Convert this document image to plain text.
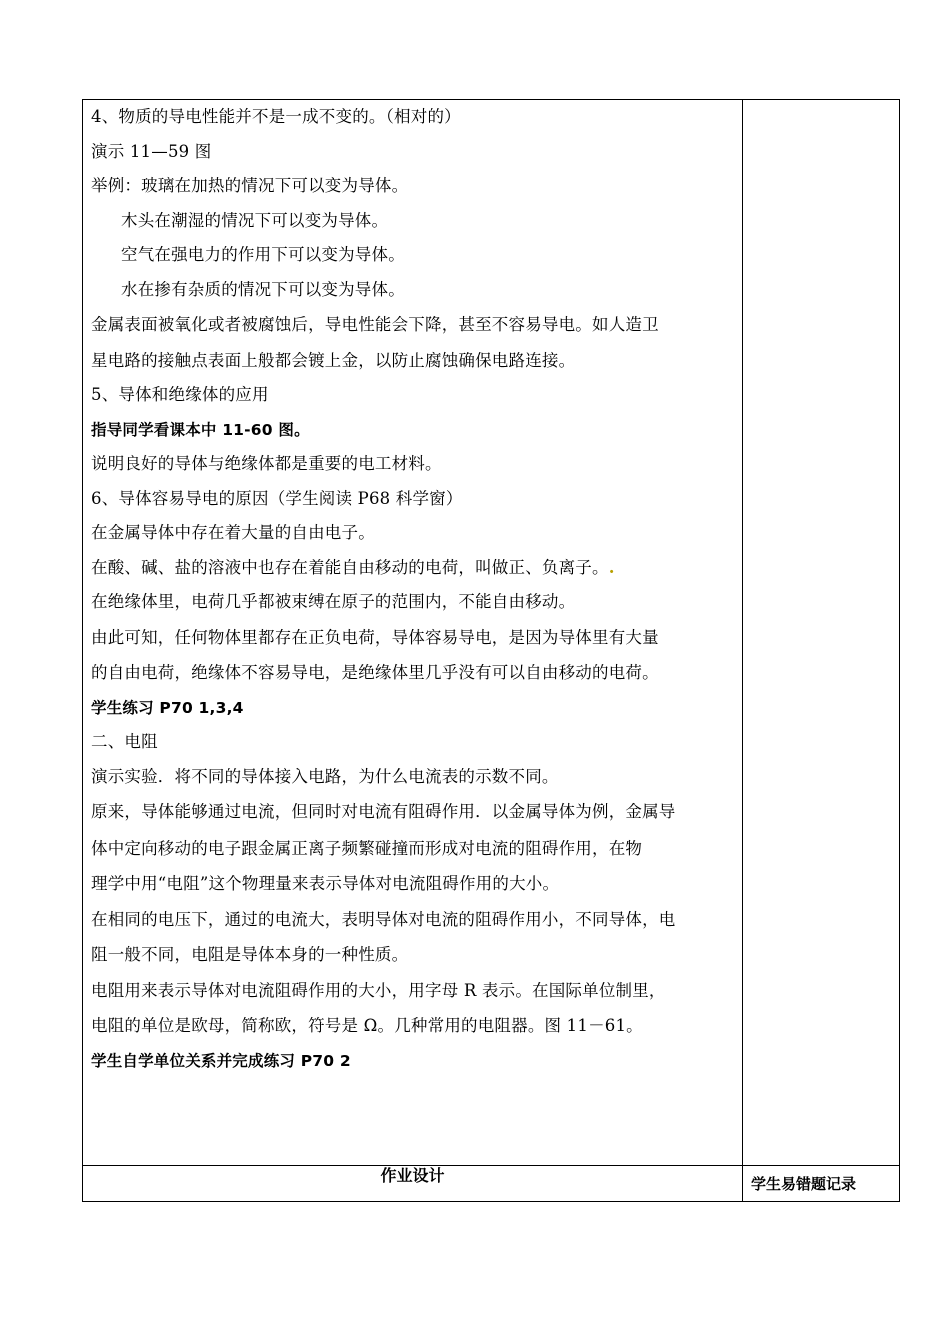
4、物质的导电性能并不是一成不变的。（相对的）
演示 11—59 图
举例：玻璃在加热的情况下可以变为导体。
木头在潮湿的情况下可以变为导体。
空气在强电力的作用下可以变为导体。
水在掺有杂质的情况下可以变为导体。
金属表面被氧化或者被腐蚀后，导电性能会下降，甚至不容易导电。如人造卫
星电路的接触点表面上般都会镀上金，以防止腐蚀确保电路连接。
5、导体和绝缘体的应用
指导同学看课本中 11-60 图。
说明良好的导体与绝缘体都是重要的电工材料。
6、导体容易导电的原因（学生阅读 P68 科学窗）
在金属导体中存在着大量的自由电子。
在酸、碱、盐的溶液中也存在着能自由移动的电荷，叫做正、负离子。.
在绝缘体里，电荷几乎都被束缚在原子的范围内，不能自由移动。
由此可知，任何物体里都存在正负电荷，导体容易导电，是因为导体里有大量
的自由电荷，绝缘体不容易导电，是绝缘体里几乎没有可以自由移动的电荷。
学生练习 P70 1,3,4
二、电阻
演示实验．将不同的导体接入电路，为什么电流表的示数不同。
原来，导体能够通过电流，但同时对电流有阻碍作用．以金属导体为例，金属导
体中定向移动的电子跟金属正离子频繁碰撞而形成对电流的阻碍作用，在物
理学中用“电阻”这个物理量来表示导体对电流阻碍作用的大小。
在相同的电压下，通过的电流大，表明导体对电流的阻碍作用小，不同导体，电
阻一般不同，电阻是导体本身的一种性质。
电阻用来表示导体对电流阻碍作用的大小，用字母 R 表示。在国际单位制里，
电阻的单位是欧母，简称欧，符号是 Ω。几种常用的电阻器。图 11－61。
学生自学单位关系并完成练习 P70 2
作业设计	学生易错题记录
